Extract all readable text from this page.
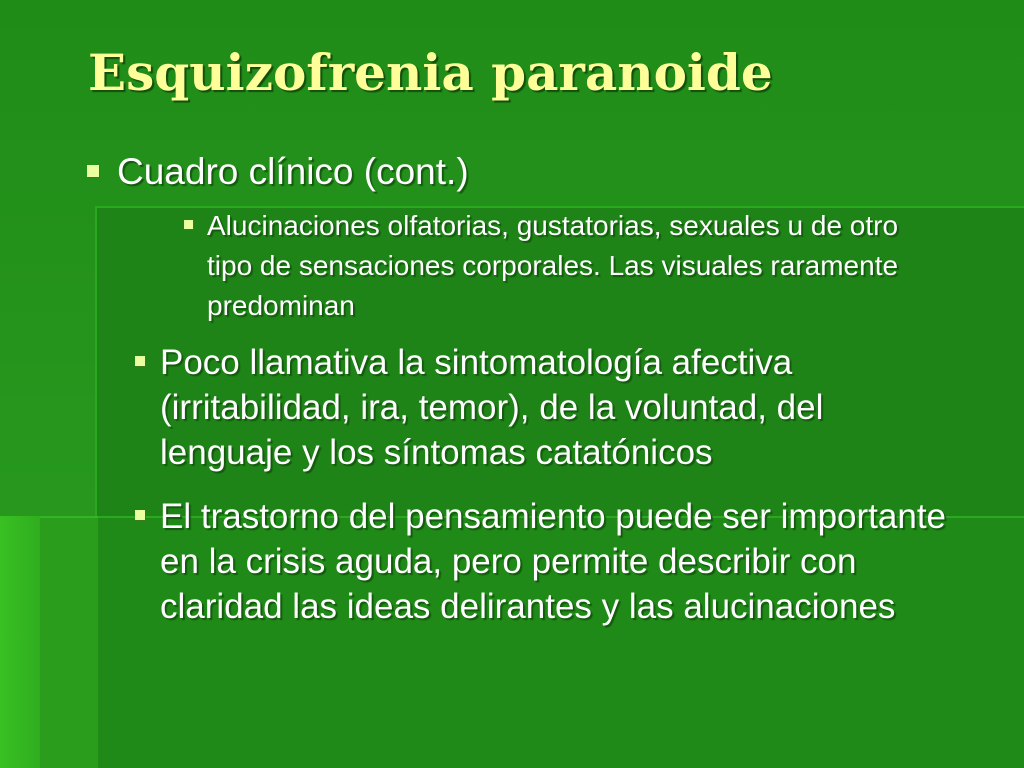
Esquizofrenia paranoide
Cuadro clínico (cont.)
Alucinaciones olfatorias, gustatorias, sexuales u de otro tipo de sensaciones corporales. Las visuales raramente predominan
Poco llamativa la sintomatología afectiva (irritabilidad, ira, temor), de la voluntad, del lenguaje y los síntomas catatónicos
El trastorno del pensamiento puede ser importante en la crisis aguda, pero permite describir con claridad las ideas delirantes y las alucinaciones
